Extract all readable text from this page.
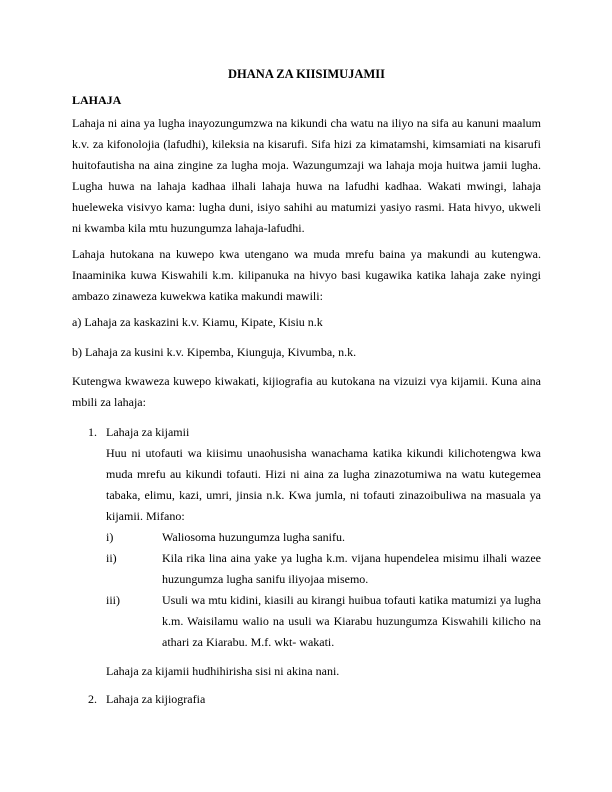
DHANA ZA KIISIMUJAMII
LAHAJA

Lahaja ni aina ya lugha inayozungumzwa na kikundi cha watu na iliyo na sifa au kanuni maalum k.v. za kifonolojia (lafudhi), kileksia na kisarufi. Sifa hizi za kimatamshi, kimsamiati na kisarufi huitofautisha na aina zingine za lugha moja. Wazungumzaji wa lahaja moja huitwa jamii lugha. Lugha huwa na lahaja kadhaa ilhali lahaja huwa na lafudhi kadhaa. Wakati mwingi, lahaja hueleweka visivyo kama: lugha duni, isiyo sahihi au matumizi yasiyo rasmi. Hata hivyo, ukweli ni kwamba kila mtu huzungumza lahaja-lafudhi.

Lahaja hutokana na kuwepo kwa utengano wa muda mrefu baina ya makundi au kutengwa. Inaaminika kuwa Kiswahili k.m. kilipanuka na hivyo basi kugawika katika lahaja zake nyingi ambazo zinaweza kuwekwa katika makundi mawili:

a) Lahaja za kaskazini k.v. Kiamu, Kipate, Kisiu n.k

b) Lahaja za kusini k.v. Kipemba, Kiunguja, Kivumba, n.k.

Kutengwa kwaweza kuwepo kiwakati, kijiografia au kutokana na vizuizi vya kijamii. Kuna aina mbili za lahaja:

1. Lahaja za kijamii

Huu ni utofauti wa kiisimu unaohusisha wanachama katika kikundi kilichotengwa kwa muda mrefu au kikundi tofauti. Hizi ni aina za lugha zinazotumiwa na watu kutegemea tabaka, elimu, kazi, umri, jinsia n.k. Kwa jumla, ni tofauti zinazoibuliwa na masuala ya kijamii. Mifano:

i)	Waliosoma huzungumza lugha sanifu.
ii)	Kila rika lina aina yake ya lugha k.m. vijana hupendelea misimu ilhali wazee huzungumza lugha sanifu iliyojaa misemo.
iii)	Usuli wa mtu kidini, kiasili au kirangi huibua tofauti katika matumizi ya lugha k.m. Waisilamu walio na usuli wa Kiarabu huzungumza Kiswahili kilicho na athari za Kiarabu. M.f. wkt- wakati.

Lahaja za kijamii hudhihirisha sisi ni akina nani.

2. Lahaja za kijiografia
